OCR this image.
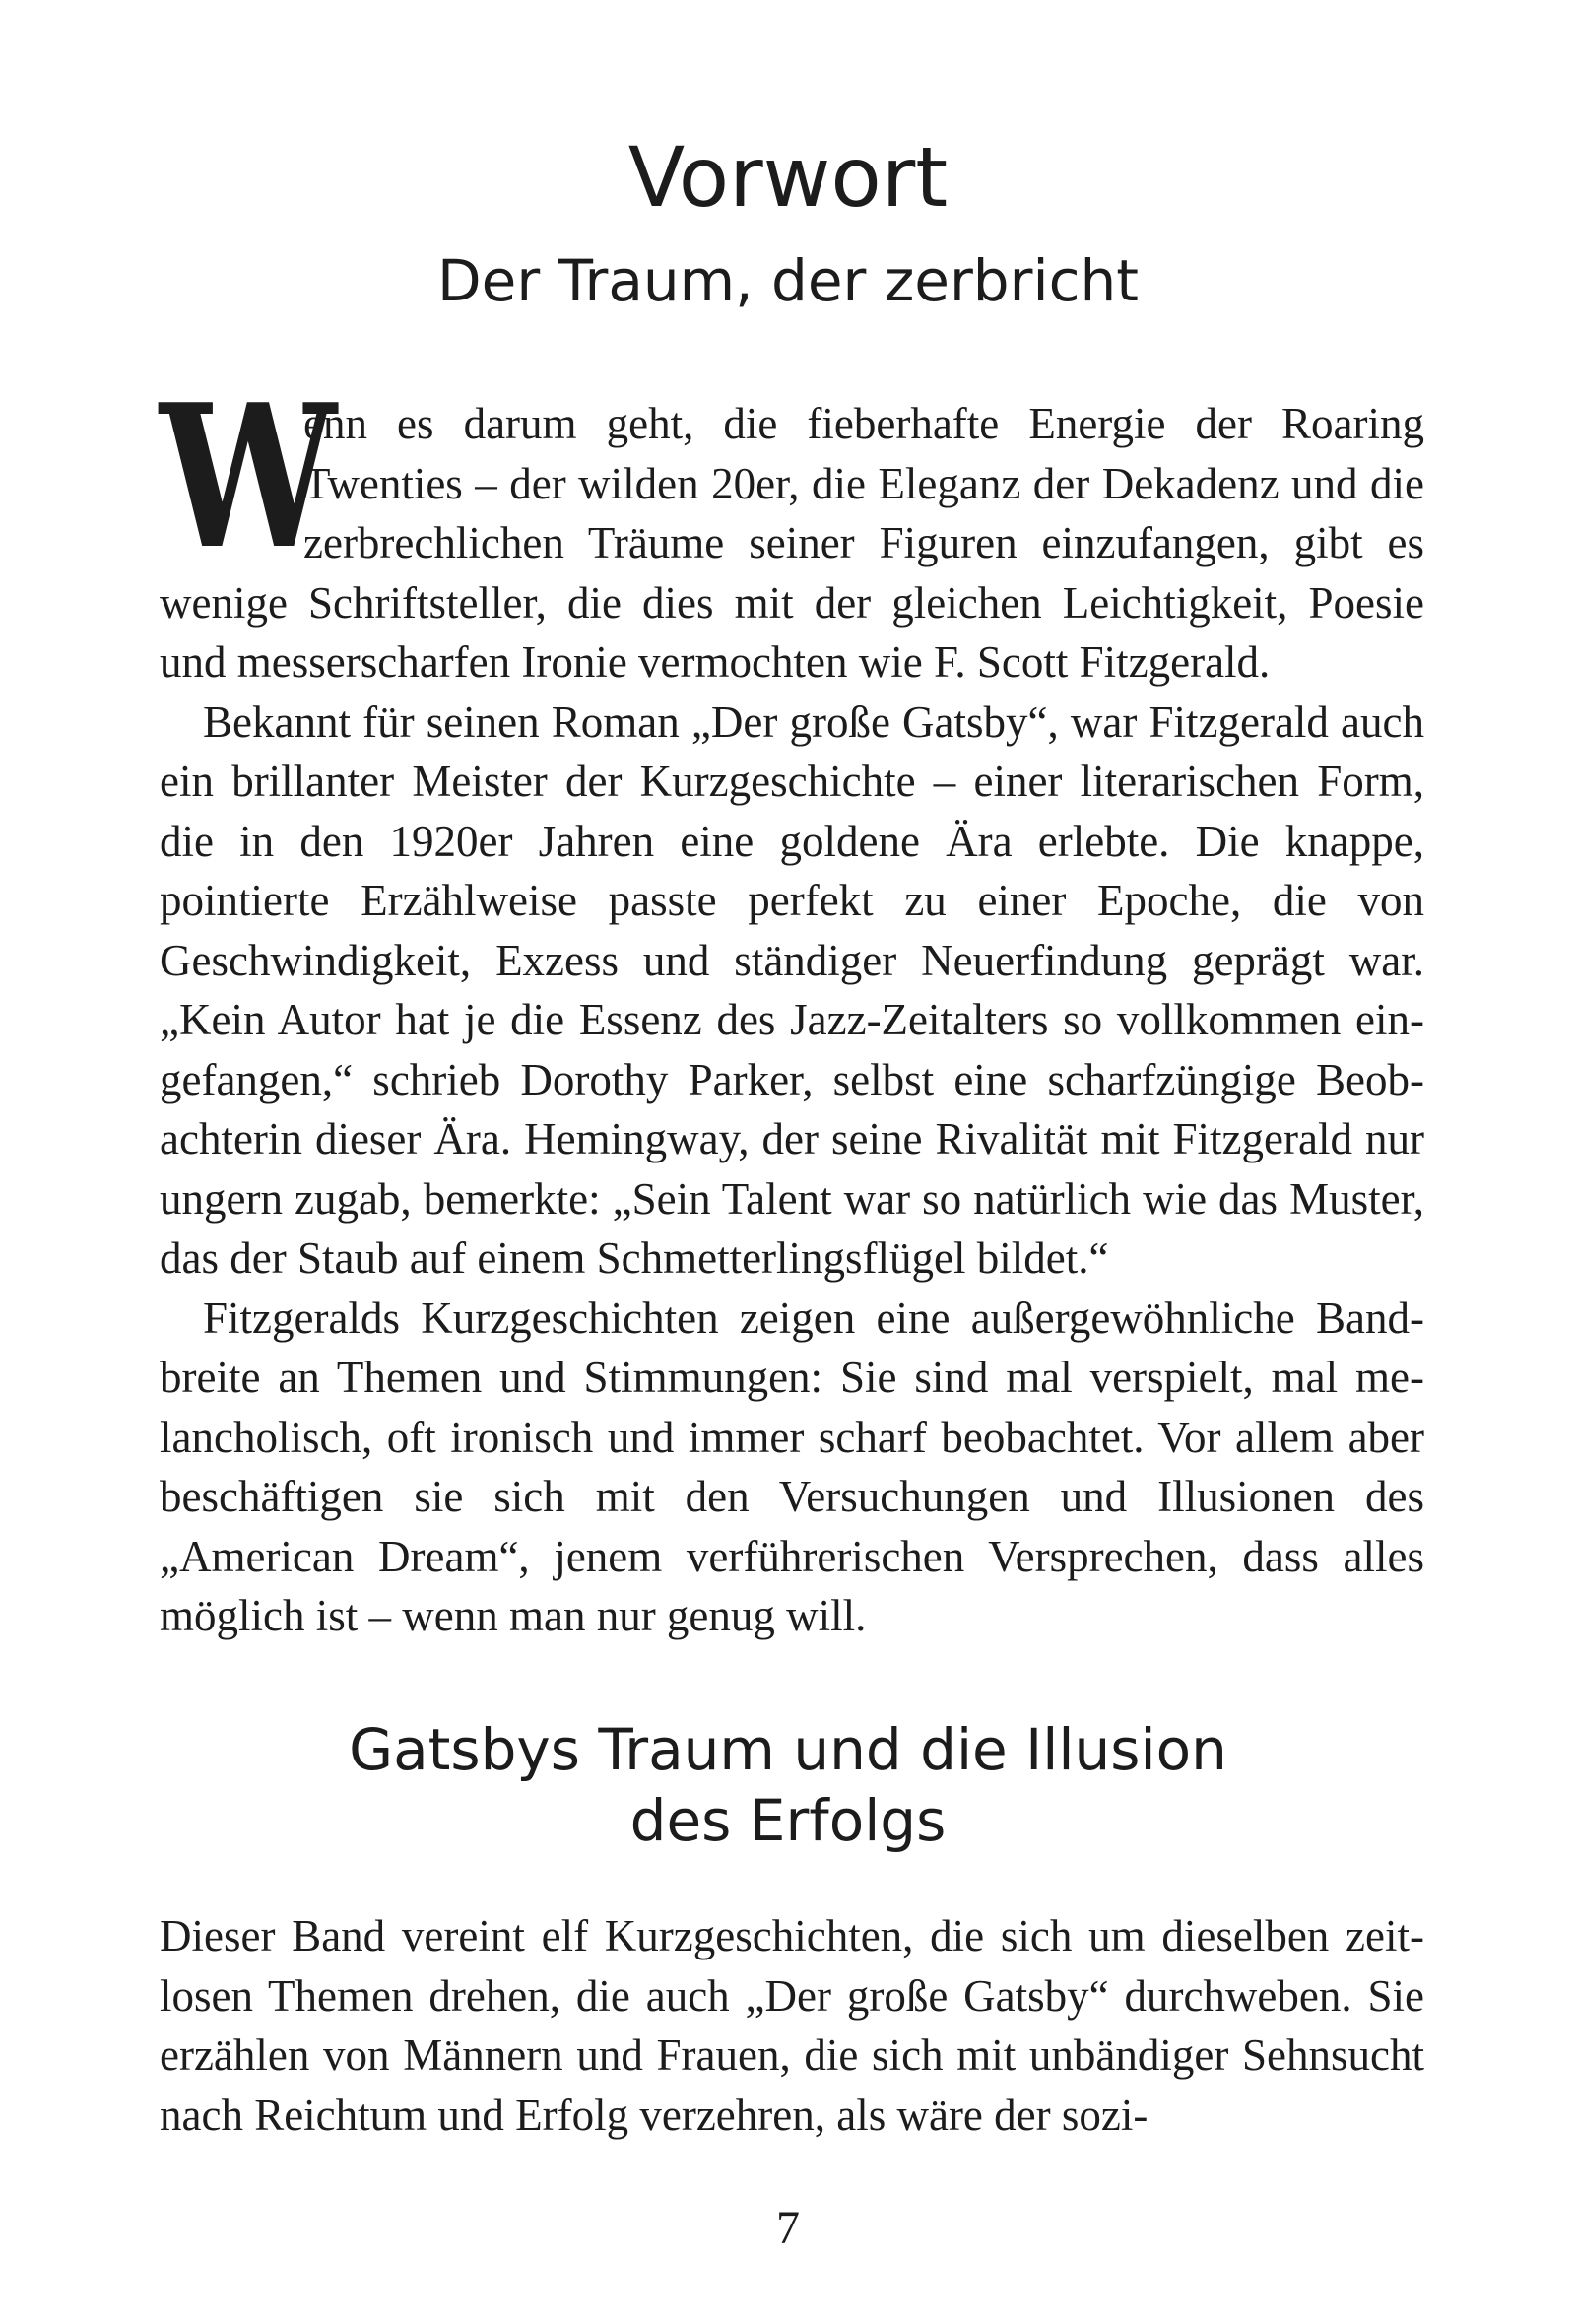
Vorwort
Der Traum, der zerbricht

W
enn es darum geht, die fieberhafte Energie der Roaring Twenties – der wilden 20er, die Eleganz der Dekadenz und die zerbrechlichen Träume seiner Figuren einzufangen, gibt es wenige Schriftsteller, die dies mit der gleichen Leichtigkeit, Poesie und messerscharfen Ironie vermochten wie F. Scott Fitzgerald.

Bekannt für seinen Roman „Der große Gatsby“, war Fitzgerald auch ein brillanter Meister der Kurzgeschichte – einer literarischen Form, die in den 1920er Jahren eine goldene Ära erlebte. Die knappe, pointierte Erzählweise passte perfekt zu einer Epoche, die von Geschwindigkeit, Exzess und ständiger Neuerfindung geprägt war. „Kein Autor hat je die Essenz des Jazz-Zeitalters so vollkommen eingefangen,“ schrieb Dorothy Parker, selbst eine scharfzüngige Beobachterin dieser Ära. Hemingway, der seine Rivalität mit Fitzgerald nur ungern zugab, bemerkte: „Sein Talent war so natürlich wie das Muster, das der Staub auf einem Schmetterlingsflügel bildet.“

Fitzgeralds Kurzgeschichten zeigen eine außergewöhnliche Bandbreite an Themen und Stimmungen: Sie sind mal verspielt, mal melancholisch, oft ironisch und immer scharf beobachtet. Vor allem aber beschäftigen sie sich mit den Versuchungen und Illusionen des „American Dream“, jenem verführerischen Versprechen, dass alles möglich ist – wenn man nur genug will.

Gatsbys Traum und die Illusion
des Erfolgs

Dieser Band vereint elf Kurzgeschichten, die sich um dieselben zeitlosen Themen drehen, die auch „Der große Gatsby“ durchweben. Sie erzählen von Männern und Frauen, die sich mit unbändiger Sehnsucht nach Reichtum und Erfolg verzehren, als wäre der sozi-

7
